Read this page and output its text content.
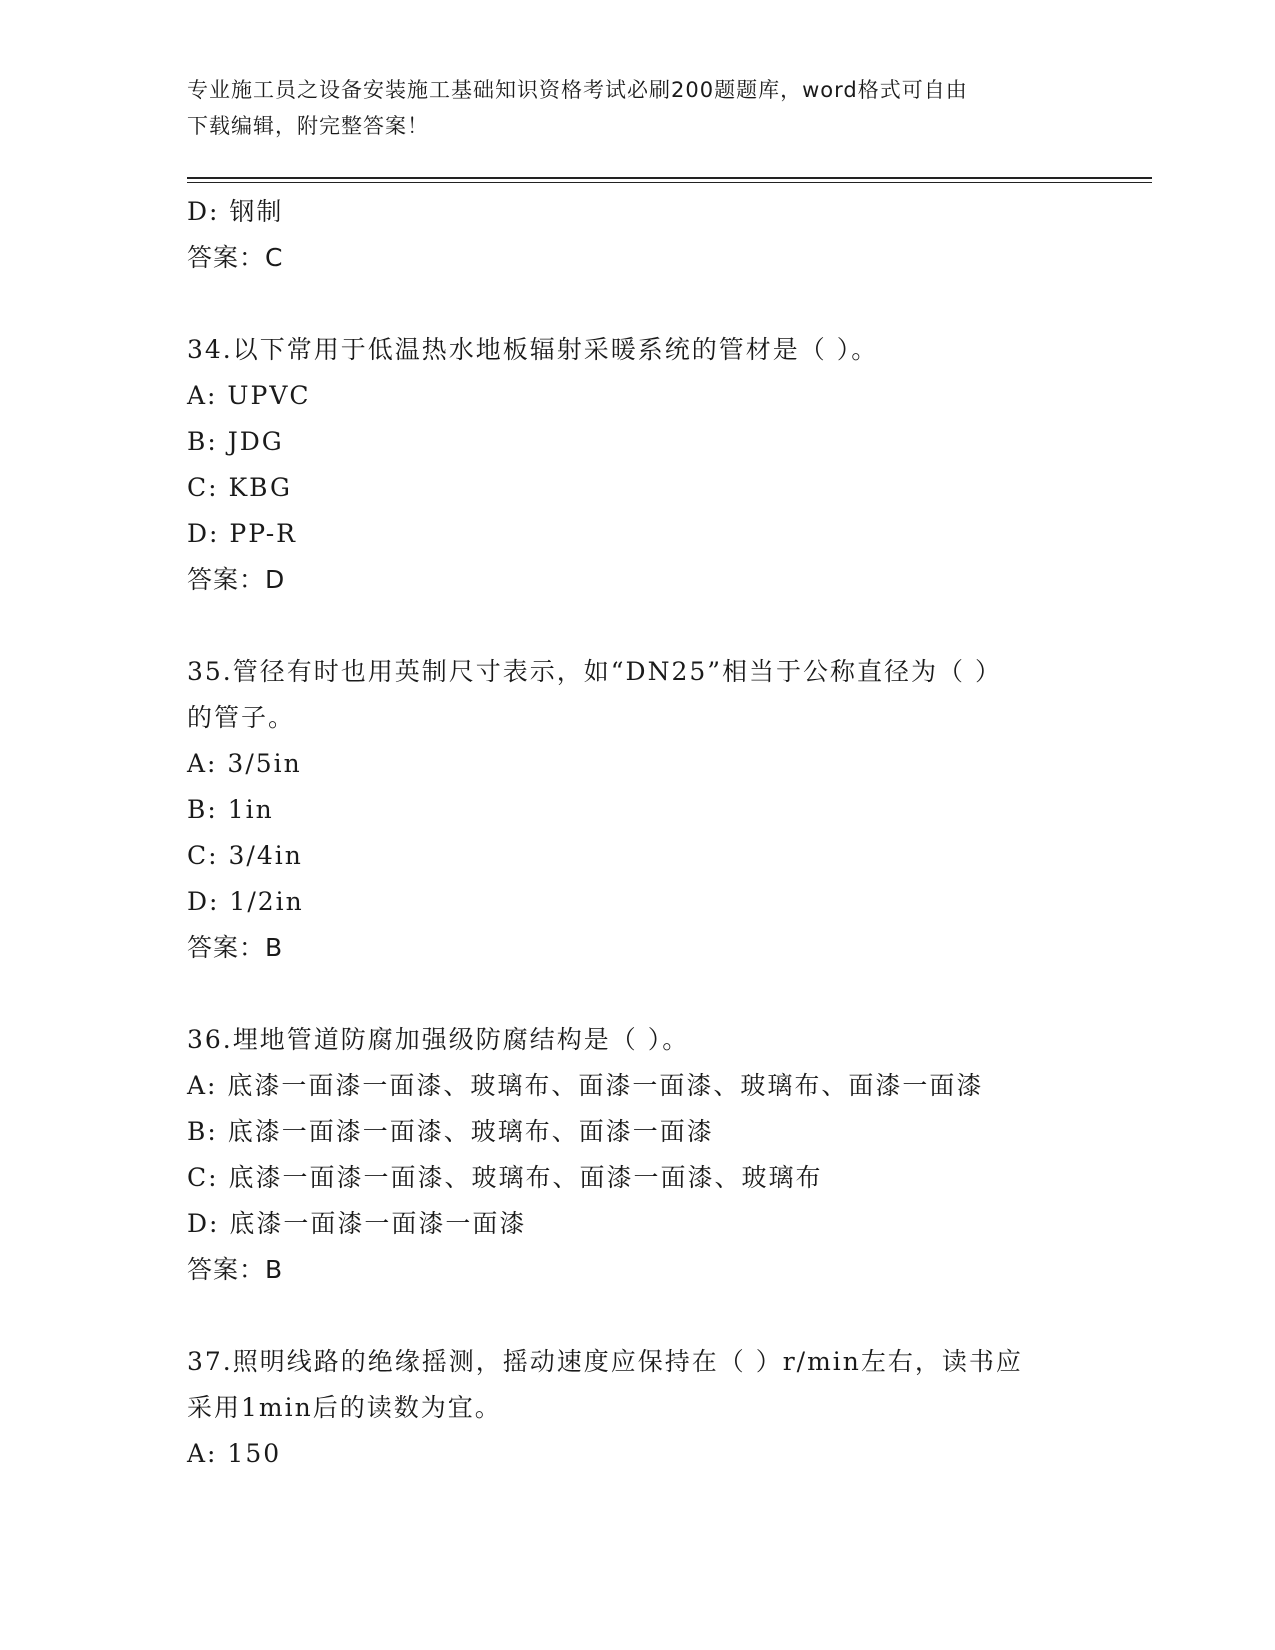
专业施工员之设备安装施工基础知识资格考试必刷200题题库，word格式可自由
下载编辑，附完整答案！
D: 钢制
答案：C
34.以下常用于低温热水地板辐射采暖系统的管材是（ ）。
A: UPVC
B: JDG
C: KBG
D: PP-R
答案：D
35.管径有时也用英制尺寸表示，如“DN25”相当于公称直径为（ ）
的管子。
A: 3/5in
B: 1in
C: 3/4in
D: 1/2in
答案：B
36.埋地管道防腐加强级防腐结构是（ ）。
A: 底漆一面漆一面漆、玻璃布、面漆一面漆、玻璃布、面漆一面漆
B: 底漆一面漆一面漆、玻璃布、面漆一面漆
C: 底漆一面漆一面漆、玻璃布、面漆一面漆、玻璃布
D: 底漆一面漆一面漆一面漆
答案：B
37.照明线路的绝缘摇测，摇动速度应保持在（ ）r/min左右，读书应
采用1min后的读数为宜。
A: 150
